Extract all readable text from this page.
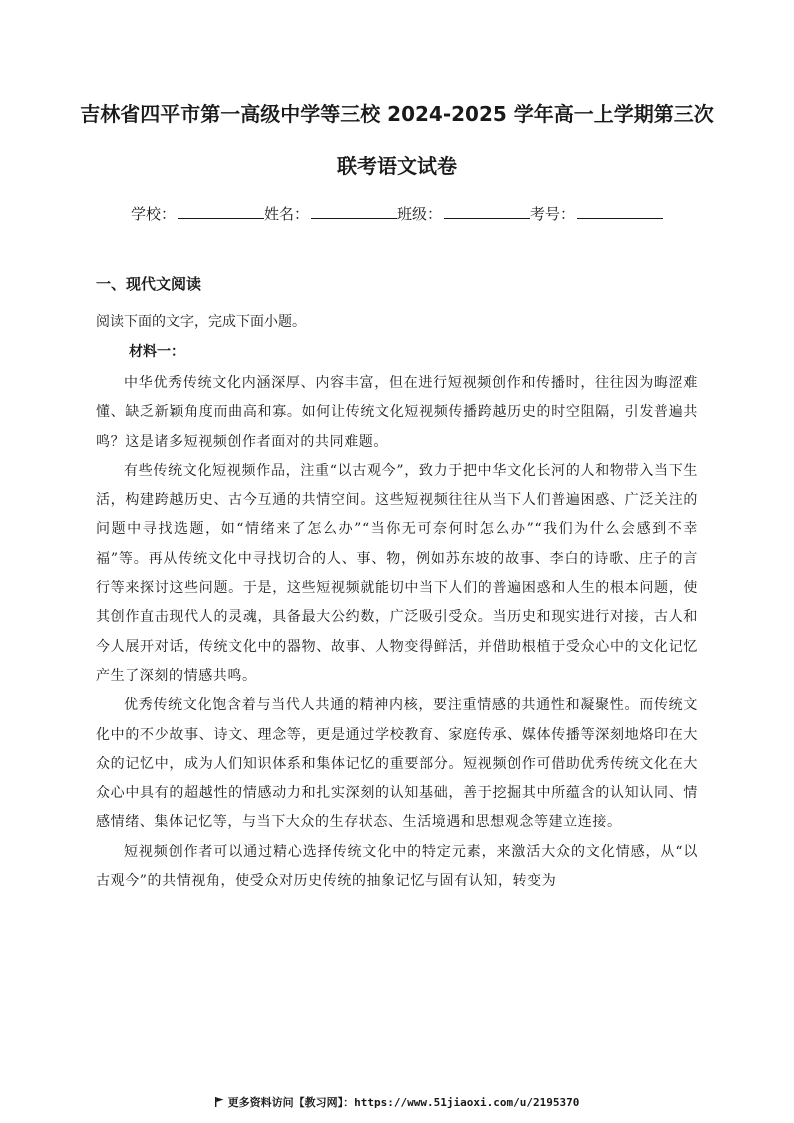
吉林省四平市第一高级中学等三校 2024-2025 学年高一上学期第三次
联考语文试卷
学校：	姓名：	班级：	考号：
一、现代文阅读
阅读下面的文字，完成下面小题。
材料一：

中华优秀传统文化内涵深厚、内容丰富，但在进行短视频创作和传播时，往往因为晦涩难懂、缺乏新颖角度而曲高和寡。如何让传统文化短视频传播跨越历史的时空阻隔，引发普遍共鸣？这是诸多短视频创作者面对的共同难题。

有些传统文化短视频作品，注重“以古观今”，致力于把中华文化长河的人和物带入当下生活，构建跨越历史、古今互通的共情空间。这些短视频往往从当下人们普遍困惑、广泛关注的问题中寻找选题，如“情绪来了怎么办”“当你无可奈何时怎么办”“我们为什么会感到不幸福”等。再从传统文化中寻找切合的人、事、物，例如苏东坡的故事、李白的诗歌、庄子的言行等来探讨这些问题。于是，这些短视频就能切中当下人们的普遍困惑和人生的根本问题，使其创作直击现代人的灵魂，具备最大公约数，广泛吸引受众。当历史和现实进行对接，古人和今人展开对话，传统文化中的器物、故事、人物变得鲜活，并借助根植于受众心中的文化记忆产生了深刻的情感共鸣。

优秀传统文化饱含着与当代人共通的精神内核，要注重情感的共通性和凝聚性。而传统文化中的不少故事、诗文、理念等，更是通过学校教育、家庭传承、媒体传播等深刻地烙印在大众的记忆中，成为人们知识体系和集体记忆的重要部分。短视频创作可借助优秀传统文化在大众心中具有的超越性的情感动力和扎实深刻的认知基础，善于挖掘其中所蕴含的认知认同、情感情绪、集体记忆等，与当下大众的生存状态、生活境遇和思想观念等建立连接。

短视频创作者可以通过精心选择传统文化中的特定元素，来激活大众的文化情感，从“以古观今”的共情视角，使受众对历史传统的抽象记忆与固有认知，转变为

更多资料访问【教习网】：https://www.51jiaoxi.com/u/2195370
